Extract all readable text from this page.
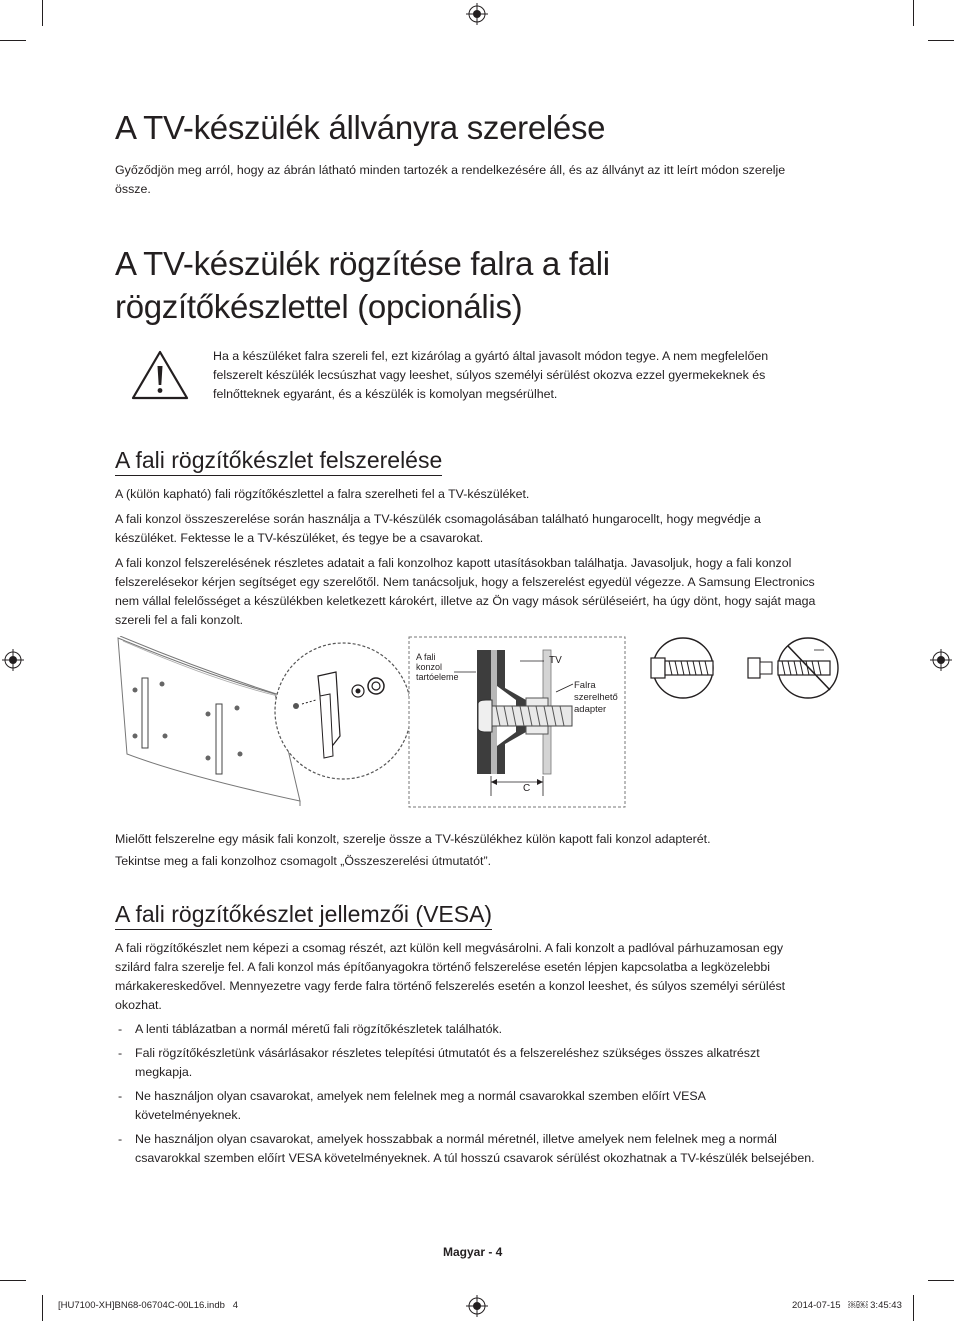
A TV-készülék állványra szerelése

Győződjön meg arról, hogy az ábrán látható minden tartozék a rendelkezésére áll, és az állványt az itt leírt módon szerelje össze.

A TV-készülék rögzítése falra a fali
rögzítőkészlettel (opcionális)

Ha a készüléket falra szereli fel, ezt kizárólag a gyártó által javasolt módon tegye. A nem megfelelően felszerelt készülék lecsúszhat vagy leeshet, súlyos személyi sérülést okozva ezzel gyermekeknek és felnőtteknek egyaránt, és a készülék is komolyan megsérülhet.

A fali rögzítőkészlet felszerelése

A (külön kapható) fali rögzítőkészlettel a falra szerelheti fel a TV-készüléket.

A fali konzol összeszerelése során használja a TV-készülék csomagolásában található hungarocellt, hogy megvédje a készüléket. Fektesse le a TV-készüléket, és tegye be a csavarokat.

A fali konzol felszerelésének részletes adatait a fali konzolhoz kapott utasításokban találhatja. Javasoljuk, hogy a fali konzol felszerelésekor kérjen segítséget egy szerelőtől. Nem tanácsoljuk, hogy a felszerelést egyedül végezze. A Samsung Electronics nem vállal felelősséget a készülékben keletkezett károkért, illetve az Ön vagy mások sérüléseiért, ha úgy dönt, hogy saját maga szereli fel a fali konzolt.

A fali
konzol
tartóeleme
TV
Falra
szerelhető
adapter
C

Mielőtt felszerelne egy másik fali konzolt, szerelje össze a TV-készülékhez külön kapott fali konzol adapterét.

Tekintse meg a fali konzolhoz csomagolt „Összeszerelési útmutatót”.

A fali rögzítőkészlet jellemzői (VESA)

A fali rögzítőkészlet nem képezi a csomag részét, azt külön kell megvásárolni. A fali konzolt a padlóval párhuzamosan egy szilárd falra szerelje fel. A fali konzol más építőanyagokra történő felszerelése esetén lépjen kapcsolatba a legközelebbi márkakereskedővel. Mennyezetre vagy ferde falra történő felszerelés esetén a konzol leeshet, és súlyos személyi sérülést okozhat.

- A lenti táblázatban a normál méretű fali rögzítőkészletek találhatók.

- Fali rögzítőkészletünk vásárlásakor részletes telepítési útmutatót és a felszereléshez szükséges összes alkatrészt megkapja.

- Ne használjon olyan csavarokat, amelyek nem felelnek meg a normál csavarokkal szemben előírt VESA követelményeknek.

- Ne használjon olyan csavarokat, amelyek hosszabbak a normál méretnél, illetve amelyek nem felelnek meg a normál csavarokkal szemben előírt VESA követelményeknek. A túl hosszú csavarok sérülést okozhatnak a TV-készülék belsejében.

Magyar - 4
[HU7100-XH]BN68-06704C-00L16.indb   4	2014-07-15   ￼￼ 3:45:43
